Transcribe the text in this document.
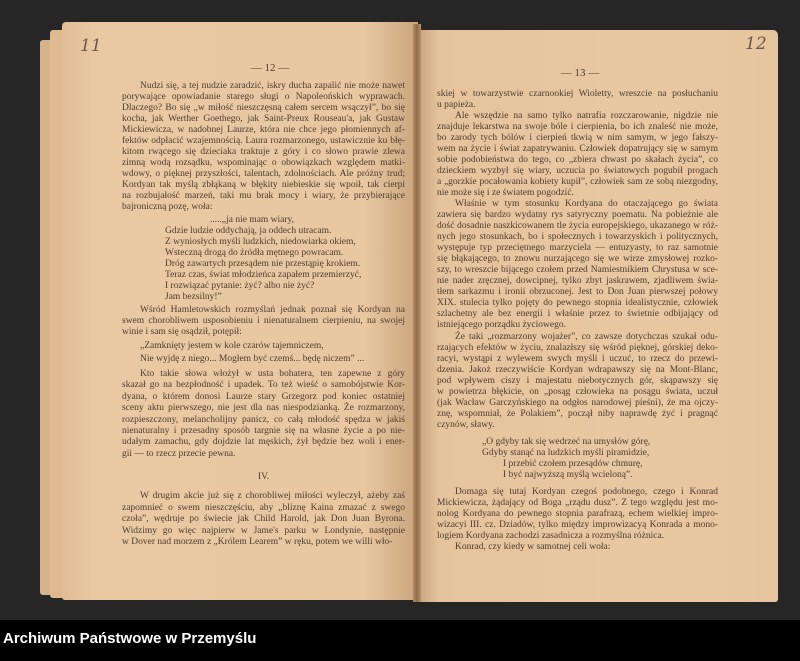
11	12
— 12 —	— 13 —
Nudzi się, a tej nudzie zaradzić, iskry ducha zapalić nie może nawet
porywające opowiadanie starego sługi o Napoleońskich wyprawach.
Dlaczego? Bo się „w miłość nieszczęsną całem sercem wsączył”, bo się
kocha, jak Werther Goethego, jak Saint-Preux Rouseau'a, jak Gustaw
Mickiewicza, w nadobnej Laurze, która nie chce jego płomiennych af-
fektów odpłacić wzajemnością. Laura rozmarzonego, ustawicznie ku błę-
kitom rwącego się dzieciaka traktuje z góry i co słowo prawie zlewa
zimną wodą rozsądku, wspominając o obowiązkach względem matki-
wdowy, o pięknej przyszłości, talentach, zdolnościach. Ale próżny trud;
Kordyan tak myślą zbłąkaną w błękity niebieskie się wpoił, tak cierpi
na rozbujałość marzeń, taki mu brak mocy i wiary, że przybierające
bajroniczną pozę, woła:
.....„ja nie mam wiary,
Gdzie ludzie oddychają, ja oddech utracam.
Z wyniosłych myśli ludzkich, niedowiarka okiem,
Wsteczną drogą do źródła mętnego powracam.
Dróg zawartych przesądem nie przestąpię krokiem.
Teraz czas, świat młodzieńca zapałem przemierzyć,
I rozwiązać pytanie: żyć? albo nie żyć?
Jam bezsilny!”
Wśród Hamletowskich rozmyślań jednak poznał się Kordyan na
swem chorobliwem usposobieniu i nienaturalnem cierpieniu, na swojej
winie i sam się osądził, potępił:
„Zamknięty jestem w kole czarów tajemniczem,
Nie wyjdę z niego... Mogłem być czemś... będę niczem” ...
Kto takie słowa włożył w usta bohatera, ten zapewne z góry
skazał go na bezpłodność i upadek. To też wieść o samobójstwie Kor-
dyana, o którem donosi Laurze stary Grzegorz pod koniec ostatniej
sceny aktu pierwszego, nie jest dla nas niespodzianką. Że rozmarzony,
rozpieszczony, melancholijny panicz, co całą młodość spędza w jakiś
nienaturalny i przesadny sposób targnie się na własne życie a po nie-
udałym zamachu, gdy dojdzie lat męskich, żył będzie bez woli i ener-
gii — to rzecz przecie pewna.
IV.
W drugim akcie już się z chorobliwej miłości wyleczył, ażeby zaś
zapomnieć o swem nieszczęściu, aby „bliznę Kaina zmazać z swego
czoła”, wędruje po świecie jak Child Harold, jak Don Juan Byrona.
Widzimy go więc najpierw w Jame's parku w Londynie, następnie
w Dover nad morzem z „Królem Learem” w ręku, potem we willi wło-
skiej w towarzystwie czarnookiej Wioletty, wreszcie na posłuchaniu
u papieża.
Ale wszędzie na samo tylko natrafia rozczarowanie, nigdzie nie
znajduje lekarstwa na swoje bóle i cierpienia, bo ich znaleść nie może,
bo zarody tych bólów i cierpień tkwią w nim samym, w jego fałszy-
wem na życie i świat zapatrywaniu. Człowiek dopatrujący się w samym
sobie podobieństwa do tego, co „zbiera chwast po skałach życia”, co
dzieckiem wyzbył się wiary, uczucia po światowych pogubił progach
a „gorzkie pocałowania kobiety kupił”, człowiek sam ze sobą niezgodny,
nie może się i ze światem pogodzić.
Właśnie w tym stosunku Kordyana do otaczającego go świata
zawiera się bardzo wydatny rys satyryczny poematu. Na pobieżnie ale
dość dosadnie naszkicowanem tle życia europejskiego, ukazanego w róż-
nych jego stosunkach, bo i społecznych i towarzyskich i politycznych,
występuje typ przeciętnego marzyciela — entuzyasty, to raz samotnie
się błąkającego, to znowu nurzającego się we wirze zmysłowej rozko-
szy, to wreszcie bijącego czołem przed Namiestnikiem Chrystusa w sce-
nie nader zręcznej, dowcipnej, tylko zbyt jaskrawem, zjadliwem świa-
tłem sarkazmu i ironii obrzuconej. Jest to Don Juan pierwszej połowy
XIX. stulecia tylko pojęty do pewnego stopnia idealistycznie, człowiek
szlachetny ale bez energii i właśnie przez to świetnie odbijający od
istniejącego porządku życiowego.
Że taki „rozmarzony wojażer”, co zawsze dotychczas szukał odu-
rzających efektów w życiu, znalazłszy się wśród pięknej, górskiej deko-
racyi, wystąpi z wylewem swych myśli i uczuć, to rzecz do przewi-
dzenia. Jakoż rzeczywiście Kordyan wdrapawszy się na Mont-Blanc,
pod wpływem ciszy i majestatu niebotycznych gór, skąpawszy się
w powietrza błękicie, on „posąg człowieka na posągu świata, uczuł
(jak Wacław Garczyńskiego na odgłos narodowej pieśni), że ma ojczy-
znę, wspomniał, że Polakiem”, począł niby naprawdę żyć i pragnąć
czynów, sławy.
„O gdyby tak się wedrzeć na umysłów górę,
Gdyby stanąć na ludzkich myśli piramidzie,
I przebić czołem przesądów chmurę,
I być najwyższą myślą wcieloną”.
Domaga się tutaj Kordyan czegoś podobnego, czego i Konrad
Mickiewicza, żądający od Boga „rządu dusz”. Z tego względu jest mo-
nolog Kordyana do pewnego stopnia parafrazą, echem wielkiej impro-
wizacyi III. cz. Dziadów, tylko między improwizacyą Konrada a mono-
logiem Kordyana zachodzi zasadnicza a rozmyślna różnica.
Konrad, czy kiedy w samotnej celi woła:
Archiwum Państwowe w Przemyślu
